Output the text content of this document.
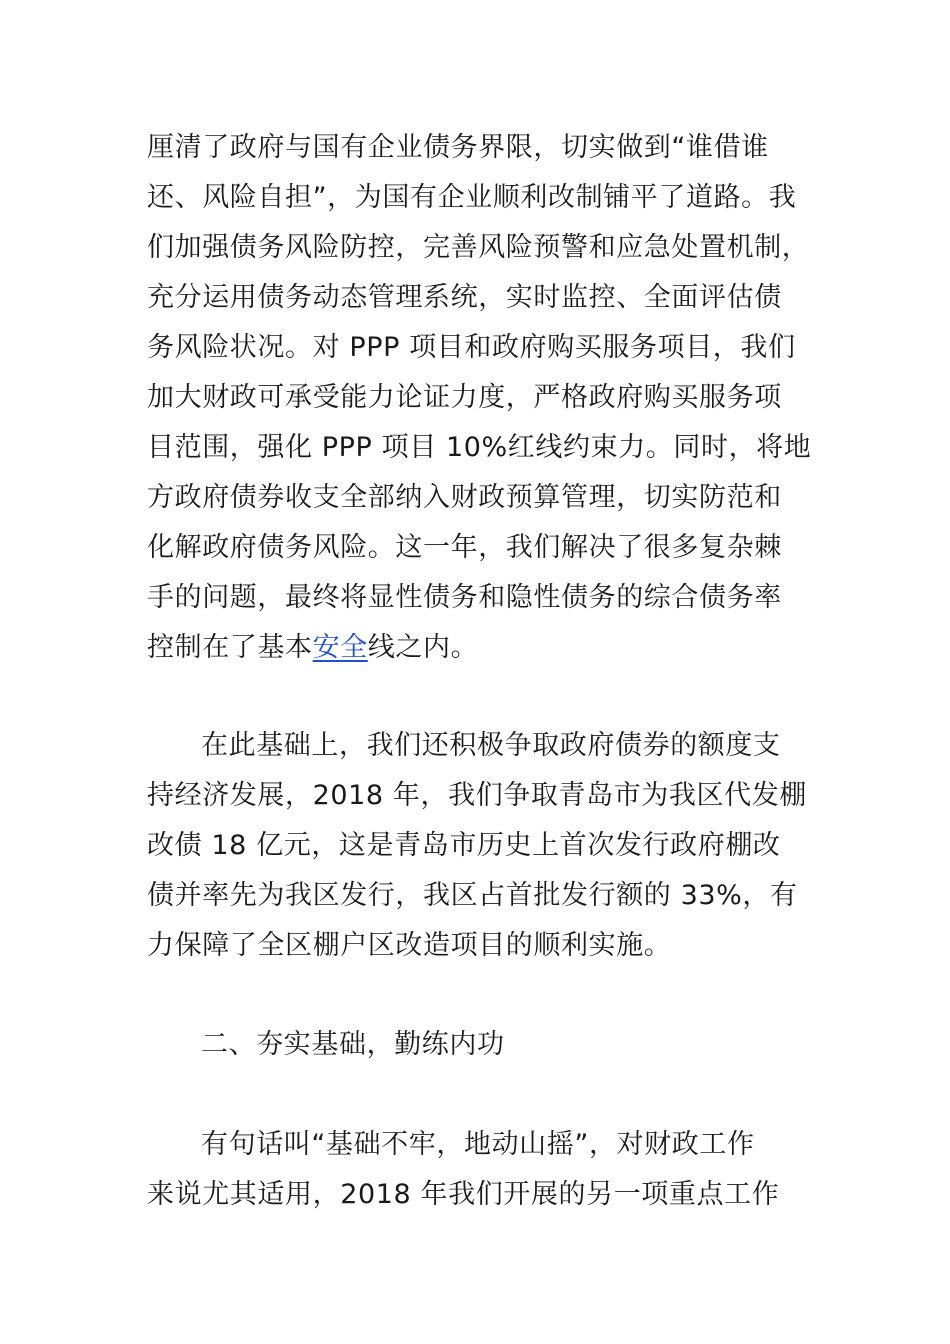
厘清了政府与国有企业债务界限，切实做到“谁借谁
还、风险自担”，为国有企业顺利改制铺平了道路。我
们加强债务风险防控，完善风险预警和应急处置机制，
充分运用债务动态管理系统，实时监控、全面评估债
务风险状况。对 PPP 项目和政府购买服务项目，我们
加大财政可承受能力论证力度，严格政府购买服务项
目范围，强化 PPP 项目 10%红线约束力。同时，将地
方政府债券收支全部纳入财政预算管理，切实防范和
化解政府债务风险。这一年，我们解决了很多复杂棘
手的问题，最终将显性债务和隐性债务的综合债务率
控制在了基本安全线之内。
在此基础上，我们还积极争取政府债券的额度支
持经济发展，2018 年，我们争取青岛市为我区代发棚
改债 18 亿元，这是青岛市历史上首次发行政府棚改
债并率先为我区发行，我区占首批发行额的 33%，有
力保障了全区棚户区改造项目的顺利实施。
二、夯实基础，勤练内功
有句话叫“基础不牢，地动山摇”，对财政工作
来说尤其适用，2018 年我们开展的另一项重点工作
